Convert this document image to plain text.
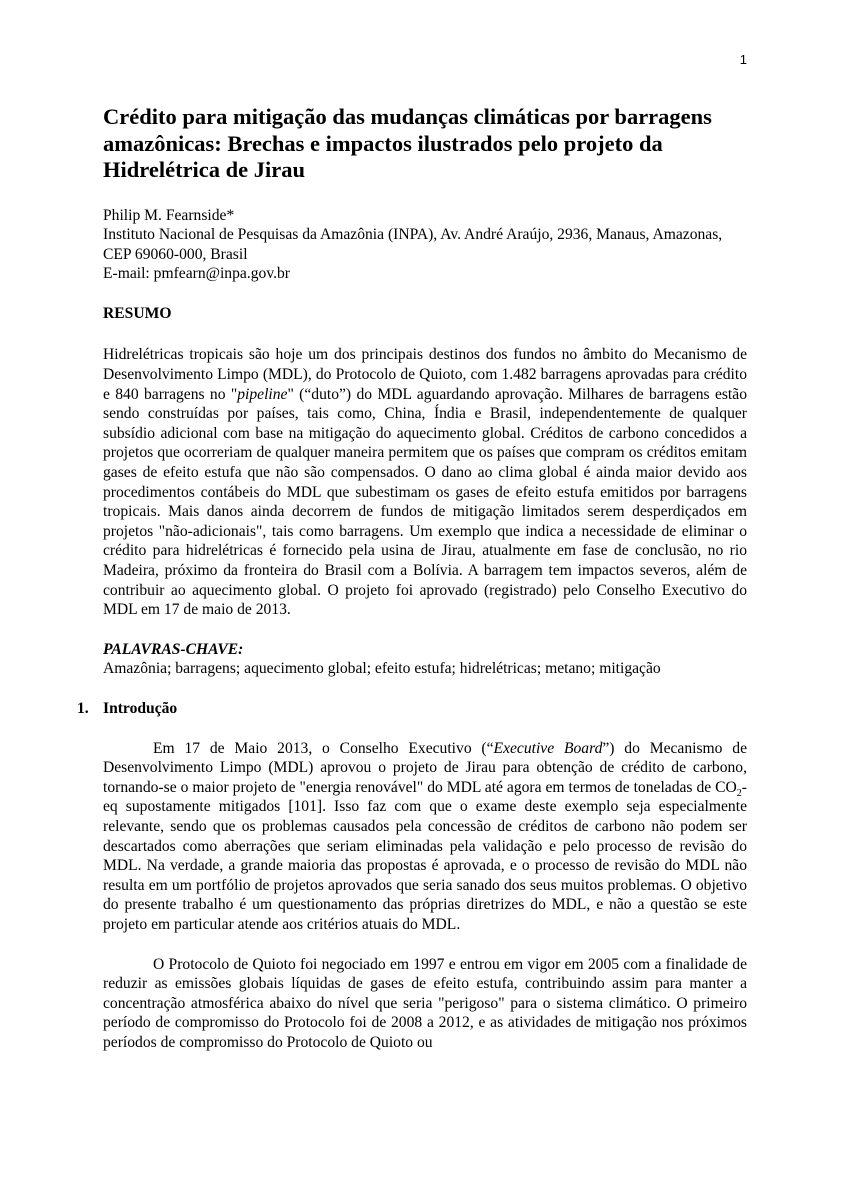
1
Crédito para mitigação das mudanças climáticas por barragens amazônicas: Brechas e impactos ilustrados pelo projeto da Hidrelétrica de Jirau

Philip M. Fearnside*

Instituto Nacional de Pesquisas da Amazônia (INPA), Av. André Araújo, 2936, Manaus, Amazonas, CEP 69060-000, Brasil

E-mail: pmfearn@inpa.gov.br

RESUMO

Hidrelétricas tropicais são hoje um dos principais destinos dos fundos no âmbito do Mecanismo de Desenvolvimento Limpo (MDL), do Protocolo de Quioto, com 1.482 barragens aprovadas para crédito e 840 barragens no "pipeline" (“duto”) do MDL aguardando aprovação. Milhares de barragens estão sendo construídas por países, tais como, China, Índia e Brasil, independentemente de qualquer subsídio adicional com base na mitigação do aquecimento global. Créditos de carbono concedidos a projetos que ocorreriam de qualquer maneira permitem que os países que compram os créditos emitam gases de efeito estufa que não são compensados. O dano ao clima global é ainda maior devido aos procedimentos contábeis do MDL que subestimam os gases de efeito estufa emitidos por barragens tropicais. Mais danos ainda decorrem de fundos de mitigação limitados serem desperdiçados em projetos "não-adicionais", tais como barragens. Um exemplo que indica a necessidade de eliminar o crédito para hidrelétricas é fornecido pela usina de Jirau, atualmente em fase de conclusão, no rio Madeira, próximo da fronteira do Brasil com a Bolívia. A barragem tem impactos severos, além de contribuir ao aquecimento global. O projeto foi aprovado (registrado) pelo Conselho Executivo do MDL em 17 de maio de 2013.

PALAVRAS-CHAVE:
Amazônia; barragens; aquecimento global; efeito estufa; hidrelétricas; metano; mitigação
1. Introdução

Em 17 de Maio 2013, o Conselho Executivo (“Executive Board”) do Mecanismo de Desenvolvimento Limpo (MDL) aprovou o projeto de Jirau para obtenção de crédito de carbono, tornando-se o maior projeto de "energia renovável" do MDL até agora em termos de toneladas de $CO_2-eq$ supostamente mitigados [101]. Isso faz com que o exame deste exemplo seja especialmente relevante, sendo que os problemas causados pela concessão de créditos de carbono não podem ser descartados como aberrações que seriam eliminadas pela validação e pelo processo de revisão do MDL. Na verdade, a grande maioria das propostas é aprovada, e o processo de revisão do MDL não resulta em um portfólio de projetos aprovados que seria sanado dos seus muitos problemas. O objetivo do presente trabalho é um questionamento das próprias diretrizes do MDL, e não a questão se este projeto em particular atende aos critérios atuais do MDL.

O Protocolo de Quioto foi negociado em 1997 e entrou em vigor em 2005 com a finalidade de reduzir as emissões globais líquidas de gases de efeito estufa, contribuindo assim para manter a concentração atmosférica abaixo do nível que seria "perigoso" para o sistema climático. O primeiro período de compromisso do Protocolo foi de 2008 a 2012, e as atividades de mitigação nos próximos períodos de compromisso do Protocolo de Quioto ou
